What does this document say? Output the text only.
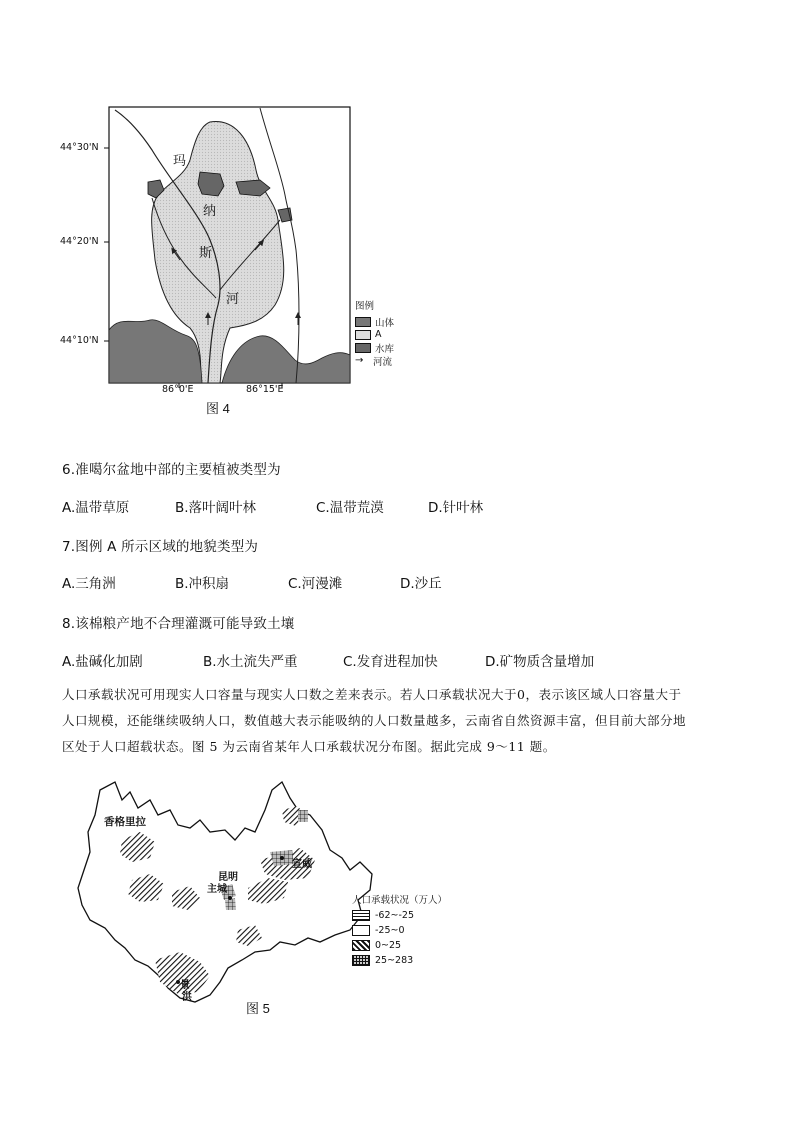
44°30'N
44°20'N
44°10'N
86°0'E	86°15'E
玛
纳
斯
河	图例
山体
A
水库
→	河流
图 4
6.准噶尔盆地中部的主要植被类型为
A.温带草原	B.落叶阔叶林	C.温带荒漠	D.针叶林
7.图例 A 所示区域的地貌类型为
A.三角洲	B.冲积扇	C.河漫滩	D.沙丘
8.该棉粮产地不合理灌溉可能导致土壤
A.盐碱化加剧	B.水土流失严重	C.发育进程加快	D.矿物质含量增加
人口承载状况可用现实人口容量与现实人口数之差来表示。若人口承载状况大于0，表示该区域人口容量大于
人口规模，还能继续吸纳人口，数值越大表示能吸纳的人口数量越多，云南省自然资源丰富，但目前大部分地
区处于人口超载状态。图 5 为云南省某年人口承载状况分布图。据此完成 9～11 题。
香格里拉
昆明
主城
宣威
景
洪
人口承载状况（万人）
-62~-25
-25~0
0~25
25~283
图 5
